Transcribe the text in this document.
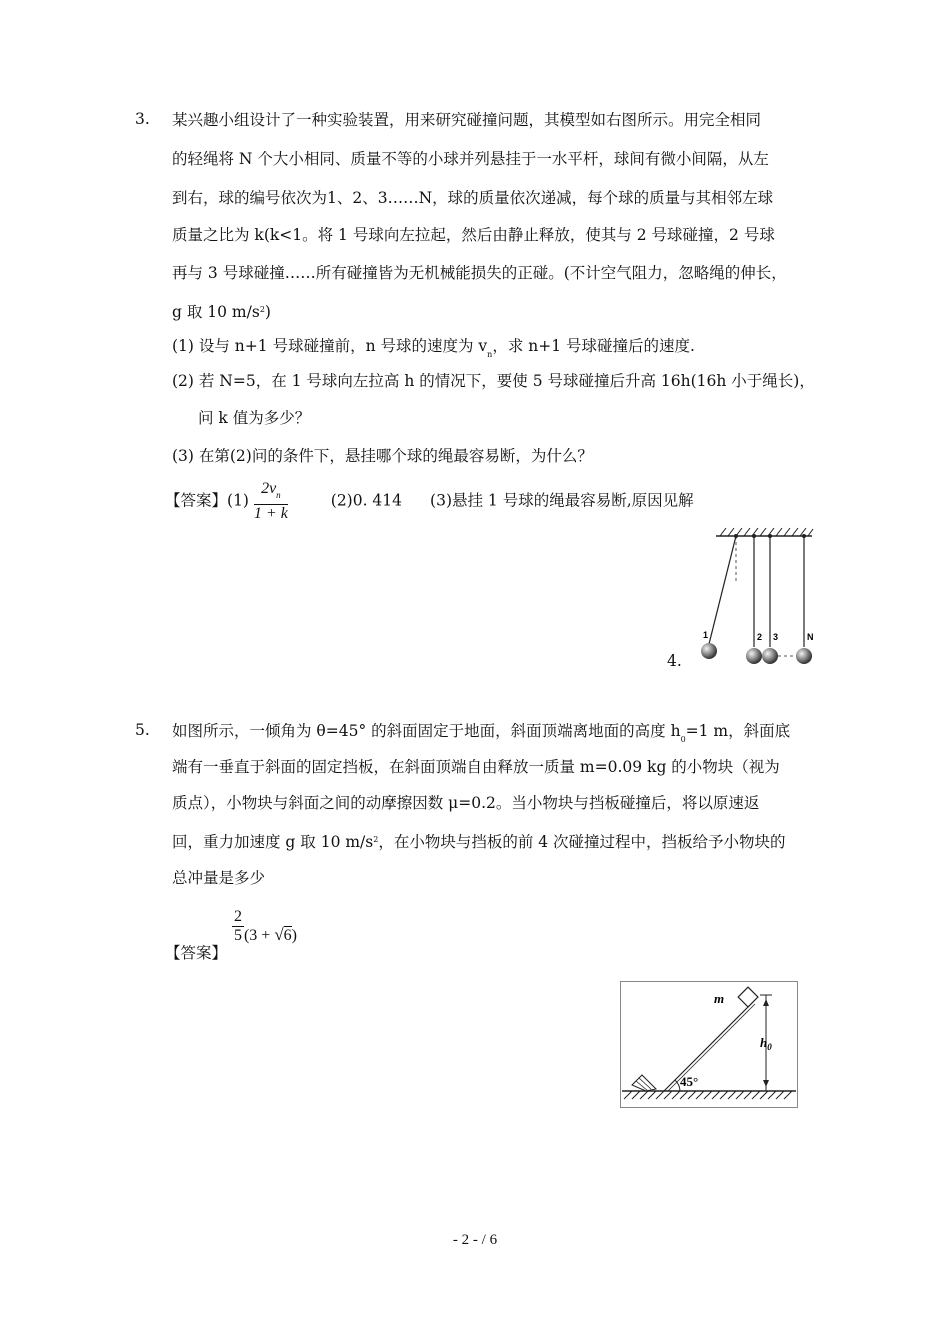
3. 某兴趣小组设计了一种实验装置，用来研究碰撞问题，其模型如右图所示。用完全相同
的轻绳将 N 个大小相同、质量不等的小球并列悬挂于一水平杆，球间有微小间隔，从左
到右，球的编号依次为1、2、3……N，球的质量依次递减，每个球的质量与其相邻左球
质量之比为 k(k<1。将 1 号球向左拉起，然后由静止释放，使其与 2 号球碰撞，2 号球
再与 3 号球碰撞……所有碰撞皆为无机械能损失的正碰。(不计空气阻力，忽略绳的伸长，
g 取 10 $m/s^2$)
(1) 设与 n+1 号球碰撞前，n 号球的速度为 $v_n$，求 n+1 号球碰撞后的速度.
(2) 若 N=5，在 1 号球向左拉高 h 的情况下，要使 5 号球碰撞后升高 16h(16h 小于绳长)，
问 k 值为多少？
(3) 在第(2)问的条件下，悬挂哪个球的绳最容易断，为什么？
【答案】$(1) \frac{2v_n}{1 + k}$	(2)0. 414 (3)悬挂 1 号球的绳最容易断,原因见解
4.
1	2 3	N
5. 如图所示，一倾角为 θ=45° 的斜面固定于地面，斜面顶端离地面的高度 $h_0=1$ m，斜面底
端有一垂直于斜面的固定挡板，在斜面顶端自由释放一质量 m=0.09 kg 的小物块（视为
质点），小物块与斜面之间的动摩擦因数 μ=0.2。当小物块与挡板碰撞后，将以原速返
回，重力加速度 g 取 10 $m/s^2$，在小物块与挡板的前 4 次碰撞过程中，挡板给予小物块的
总冲量是多少
【答案】
$\frac{2}{5} (3 + √6)$
m
$h_0$
45°
- 2 - / 6
